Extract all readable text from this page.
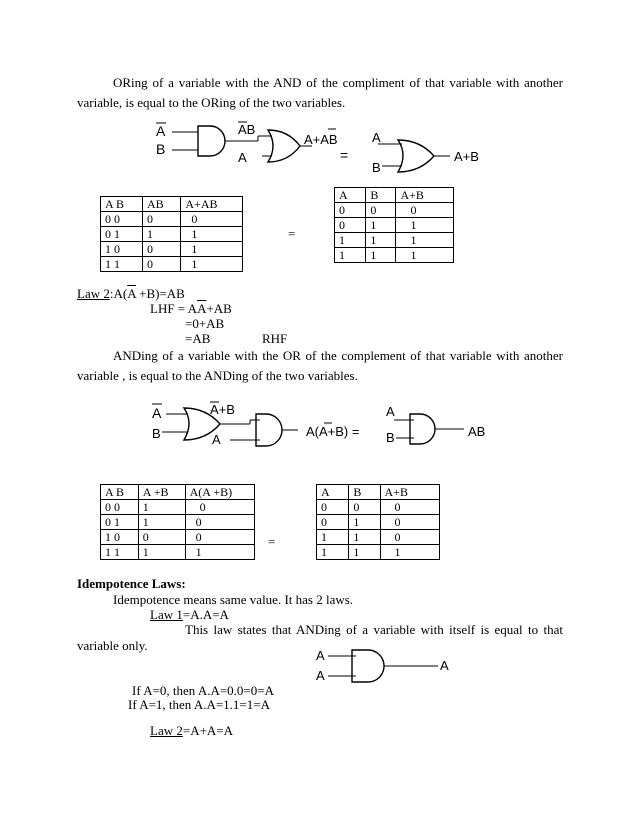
ORing of a variable with the AND of the compliment of that variable with another variable, is equal to the ORing of the two variables.
A
B
AB
A
A+AB
=
A
B
A+B
A B	AB	$A+\overline{A}B$
0 0	0	0
0 1	1	1
1 0	0	1
1 1	0	1
=
A	B	A+B
0	0	0
0	1	1
1	1	1
1	1	1
Law $2:A(\overline{A} +B)=AB$
LHF = $A\overline{A}+AB$
=0+AB
=AB	RHF
ANDing of a variable with the OR of the complement of that variable with another variable , is equal to the ANDing of the two variables.
A
B
A+B
A
A(A+B) =
A
B	AB
A B	$\overline{A} +B$	$A(\overline{A} +B)$
0 0	1	0
0 1	1	0
1 0	0	0
1 1	1	1
=
A	B	A+B
0	0	0
0	1	0
1	1	0
1	1	1
Idempotence Laws:
Idempotence means same value. It has 2 laws.
Law 1=A.A=A
This law states that ANDing of a variable with itself is equal to that
variable only.
A
A
A
If A=0, then A.A=0.0=0=A
If A=1, then A.A=1.1=1=A
Law 2=A+A=A
